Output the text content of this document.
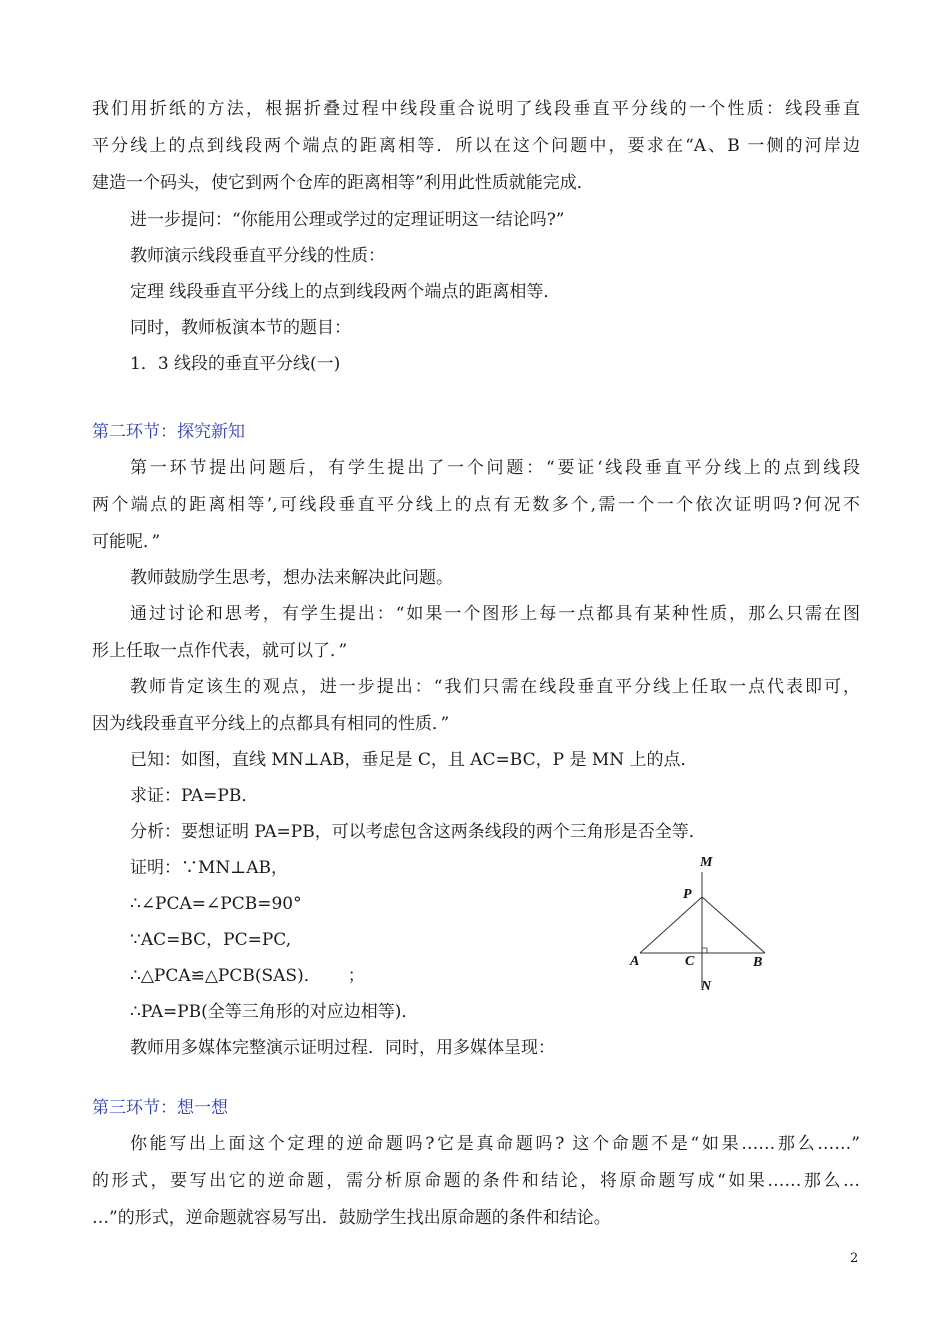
我们用折纸的方法，根据折叠过程中线段重合说明了线段垂直平分线的一个性质：线段垂直
平分线上的点到线段两个端点的距离相等．所以在这个问题中，要求在“A、B 一侧的河岸边
建造一个码头，使它到两个仓库的距离相等”利用此性质就能完成．
进一步提问：“你能用公理或学过的定理证明这一结论吗?”
教师演示线段垂直平分线的性质：
定理 线段垂直平分线上的点到线段两个端点的距离相等．
同时，教师板演本节的题目：
1．3 线段的垂直平分线(一)
第二环节：探究新知
第一环节提出问题后，有学生提出了一个问题：“要证‘线段垂直平分线上的点到线段
两个端点的距离相等’,可线段垂直平分线上的点有无数多个,需一个一个依次证明吗?何况不
可能呢．”
教师鼓励学生思考，想办法来解决此问题。
通过讨论和思考，有学生提出：“如果一个图形上每一点都具有某种性质，那么只需在图
形上任取一点作代表，就可以了．”
教师肯定该生的观点，进一步提出：“我们只需在线段垂直平分线上任取一点代表即可，
因为线段垂直平分线上的点都具有相同的性质．”
已知：如图，直线 MN⊥AB，垂足是 C，且 AC=BC，P 是 MN 上的点．
求证：PA=PB．
分析：要想证明 PA=PB，可以考虑包含这两条线段的两个三角形是否全等．
证明：∵MN⊥AB，
∴∠PCA=∠PCB=90°
∵AC=BC，PC=PC,
∴△PCA≌△PCB(SAS)．     ；
∴PA=PB(全等三角形的对应边相等)．
教师用多媒体完整演示证明过程．同时，用多媒体呈现：
M
P
A	C	B
N
第三环节：想一想
你能写出上面这个定理的逆命题吗?它是真命题吗? 这个命题不是“如果……那么……”
的形式，要写出它的逆命题，需分析原命题的条件和结论，将原命题写成“如果……那么…
…”的形式，逆命题就容易写出．鼓励学生找出原命题的条件和结论。
2
